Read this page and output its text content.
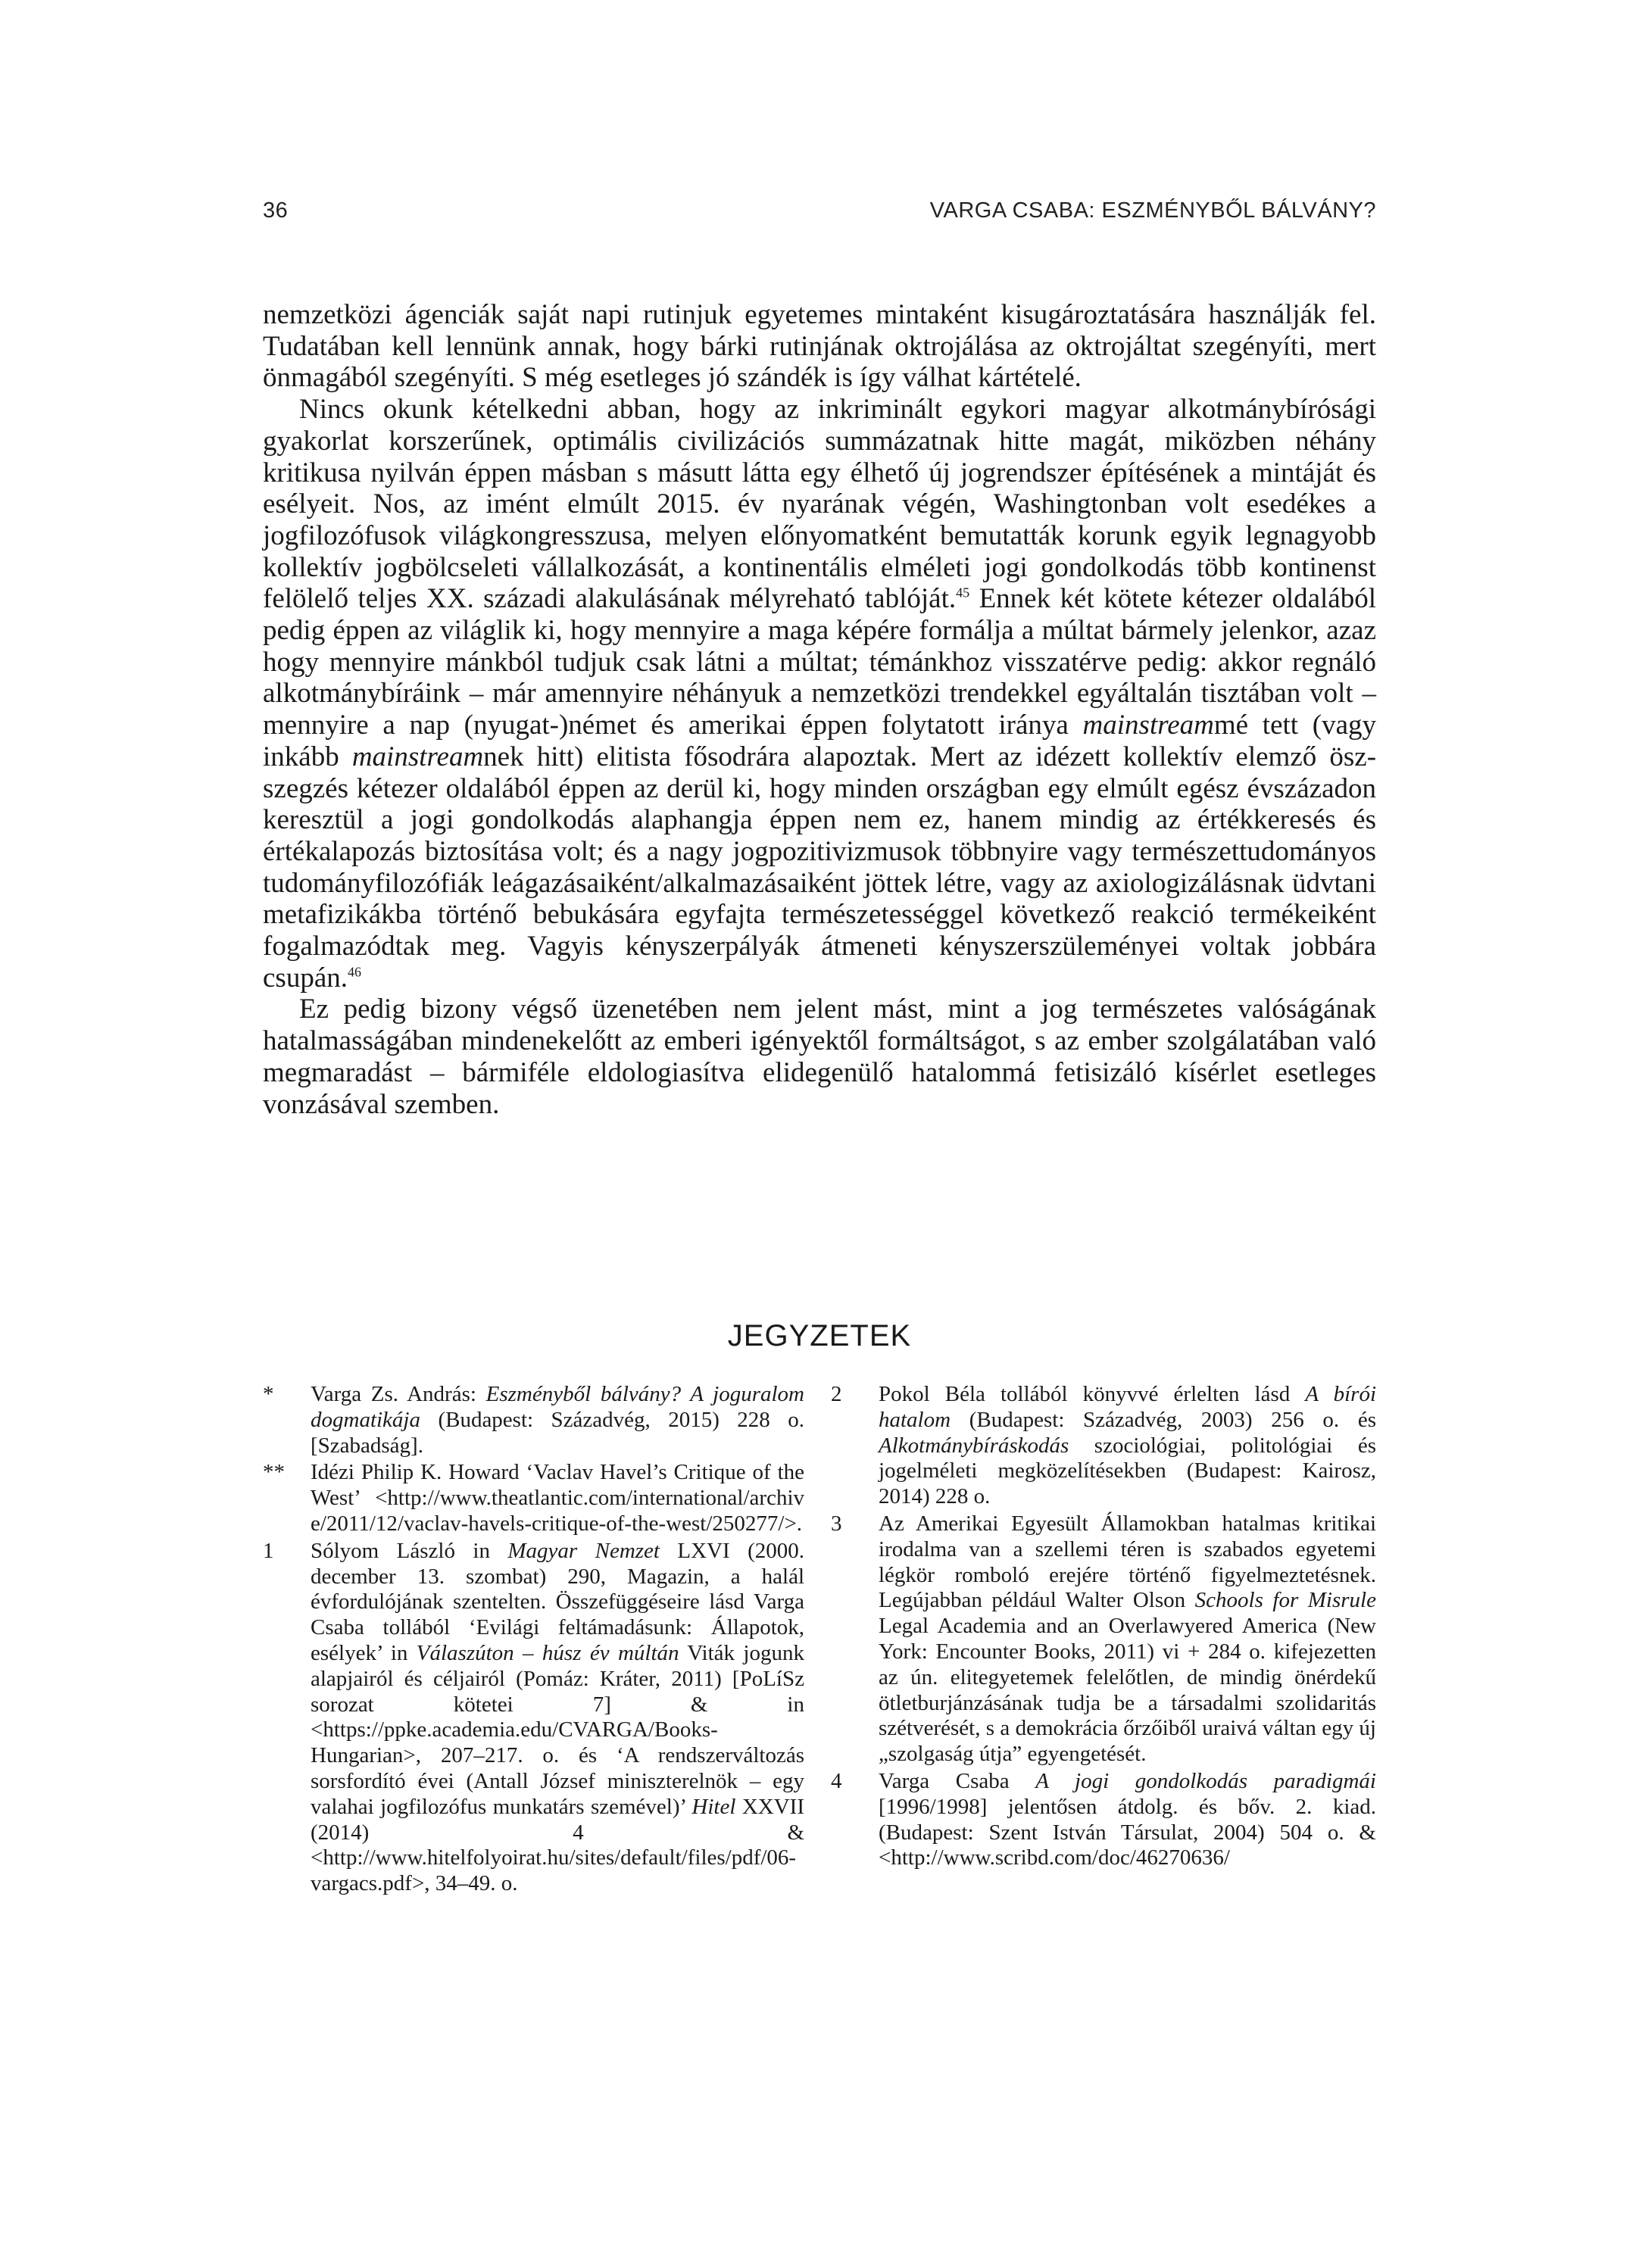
36	VARGA CSABA: ESZMÉNYBŐL BÁLVÁNY?

nemzetközi ágenciák saját napi rutinjuk egyetemes mintaként kisugároztatására használják fel. Tudatában kell lennünk annak, hogy bárki rutinjának oktrojálása az oktrojáltat szegényíti, mert önmagából szegényíti. S még esetleges jó szándék is így válhat kártételé.

Nincs okunk kételkedni abban, hogy az inkriminált egykori magyar alkotmánybírósági gyakorlat korszerűnek, optimális civilizációs summázatnak hitte magát, miközben néhány kritikusa nyilván éppen másban s másutt látta egy élhető új jogrendszer építésének a mintáját és esélyeit. Nos, az imént elmúlt 2015. év nyarának végén, Washingtonban volt esedékes a jogfilozófusok világkongresszusa, melyen előnyomatként bemutatták korunk egyik legnagyobb kollektív jogbölcseleti vállalkozását, a kontinentális elméleti jogi gondolkodás több kontinenst felölelő teljes XX. századi alakulásának mélyreható tablóját.$^{45}$ Ennek két kötete kétezer oldalából pedig éppen az világlik ki, hogy mennyire a maga képére formálja a múltat bármely jelenkor, azaz hogy mennyire mánkból tudjuk csak látni a múltat; témánkhoz visszatérve pedig: akkor regnáló alkotmánybíráink – már amennyire néhányuk a nemzetközi trendekkel egyáltalán tisztában volt – mennyire a nap (nyugat-)német és amerikai éppen folytatott iránya mainstreammé tett (vagy inkább mainstreamnek hitt) elitista fősodrára alapoztak. Mert az idézett kollektív elemző öszszegzés kétezer oldalából éppen az derül ki, hogy minden országban egy elmúlt egész évszázadon keresztül a jogi gondolkodás alaphangja éppen nem ez, hanem mindig az értékkeresés és értékalapozás biztosítása volt; és a nagy jogpozitivizmusok többnyire vagy természettudományos tudományfilozófiák leágazásaiként/alkalmazásaiként jöttek létre, vagy az axiologizálásnak üdvtani metafizikákba történő bebukására egyfajta természetességgel következő reakció termékeiként fogalmazódtak meg. Vagyis kényszerpályák átmeneti kényszerszüleményei voltak jobbára csupán.$^{46}$

Ez pedig bizony végső üzenetében nem jelent mást, mint a jog természetes valóságának hatalmasságában mindenekelőtt az emberi igényektől formáltságot, s az ember szolgálatában való megmaradást – bármiféle eldologiasítva elidegenülő hatalommá fetisizáló kísérlet esetleges vonzásával szemben.

JEGYZETEK
* Varga Zs. András: Eszményből bálvány? A joguralom dogmatikája (Budapest: Századvég, 2015) 228 o. [Szabadság].
** Idézi Philip K. Howard ‘Vaclav Havel’s Critique of the West’ <http://www.theatlantic.com/international/archive/2011/12/vaclav-havels-critique-of-the-west/250277/>.
1 Sólyom László in Magyar Nemzet LXVI (2000. december 13. szombat) 290, Magazin, a halál évfordulójának szentelten. Összefüggéseire lásd Varga Csaba tollából ‘Evilági feltámadásunk: Állapotok, esélyek’ in Válaszúton – húsz év múltán Viták jogunk alapjairól és céljairól (Pomáz: Kráter, 2011) [PoLíSz sorozat kötetei 7] & in <https://ppke.academia.edu/CVARGA/Books-Hungarian>, 207–217. o. és ‘A rendszerváltozás sorsfordító évei (Antall József miniszterelnök – egy valahai jogfilozófus munkatárs szemével)’ Hitel XXVII (2014) 4 & <http://www.hitelfolyoirat.hu/sites/default/files/pdf/06-vargacs.pdf>, 34–49. o.
2 Pokol Béla tollából könyvvé érlelten lásd A bírói hatalom (Budapest: Századvég, 2003) 256 o. és Alkotmánybíráskodás szociológiai, politológiai és jogelméleti megközelítésekben (Budapest: Kairosz, 2014) 228 o.
3 Az Amerikai Egyesült Államokban hatalmas kritikai irodalma van a szellemi téren is szabados egyetemi légkör romboló erejére történő figyelmeztetésnek. Legújabban például Walter Olson Schools for Misrule Legal Academia and an Overlawyered America (New York: Encounter Books, 2011) vi + 284 o. kifejezetten az ún. elitegyetemek felelőtlen, de mindig önérdekű ötletburjánzásának tudja be a társadalmi szolidaritás szétverését, s a demokrácia őrzőiből uraivá váltan egy új „szolgaság útja” egyengetését.
4 Varga Csaba A jogi gondolkodás paradigmái [1996/1998] jelentősen átdolg. és bőv. 2. kiad. (Budapest: Szent István Társulat, 2004) 504 o. & <http://www.scribd.com/doc/46270636/
